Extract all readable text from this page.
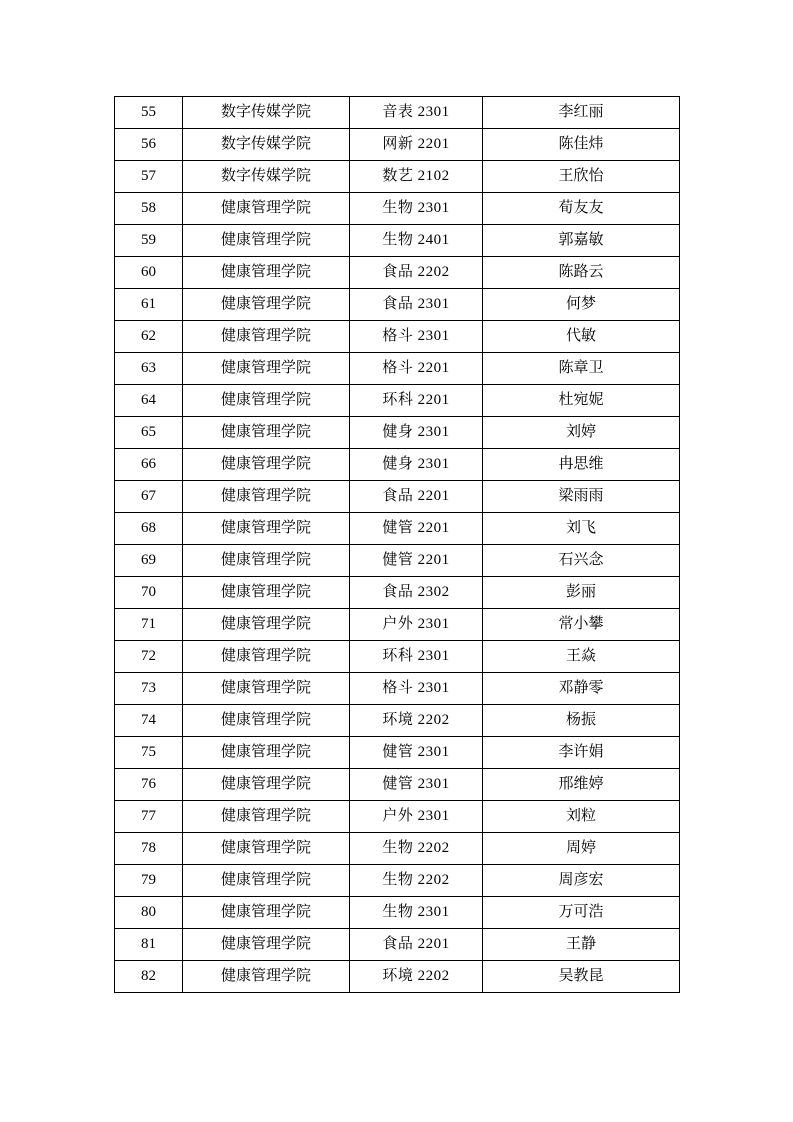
55	数字传媒学院	音表 2301	李红丽
56	数字传媒学院	网新 2201	陈佳炜
57	数字传媒学院	数艺 2102	王欣怡
58	健康管理学院	生物 2301	荀友友
59	健康管理学院	生物 2401	郭嘉敏
60	健康管理学院	食品 2202	陈路云
61	健康管理学院	食品 2301	何梦
62	健康管理学院	格斗 2301	代敏
63	健康管理学院	格斗 2201	陈章卫
64	健康管理学院	环科 2201	杜宛妮
65	健康管理学院	健身 2301	刘婷
66	健康管理学院	健身 2301	冉思维
67	健康管理学院	食品 2201	梁雨雨
68	健康管理学院	健管 2201	刘飞
69	健康管理学院	健管 2201	石兴念
70	健康管理学院	食品 2302	彭丽
71	健康管理学院	户外 2301	常小攀
72	健康管理学院	环科 2301	王焱
73	健康管理学院	格斗 2301	邓静零
74	健康管理学院	环境 2202	杨振
75	健康管理学院	健管 2301	李许娟
76	健康管理学院	健管 2301	邢维婷
77	健康管理学院	户外 2301	刘粒
78	健康管理学院	生物 2202	周婷
79	健康管理学院	生物 2202	周彦宏
80	健康管理学院	生物 2301	万可浩
81	健康管理学院	食品 2201	王静
82	健康管理学院	环境 2202	吴教昆
